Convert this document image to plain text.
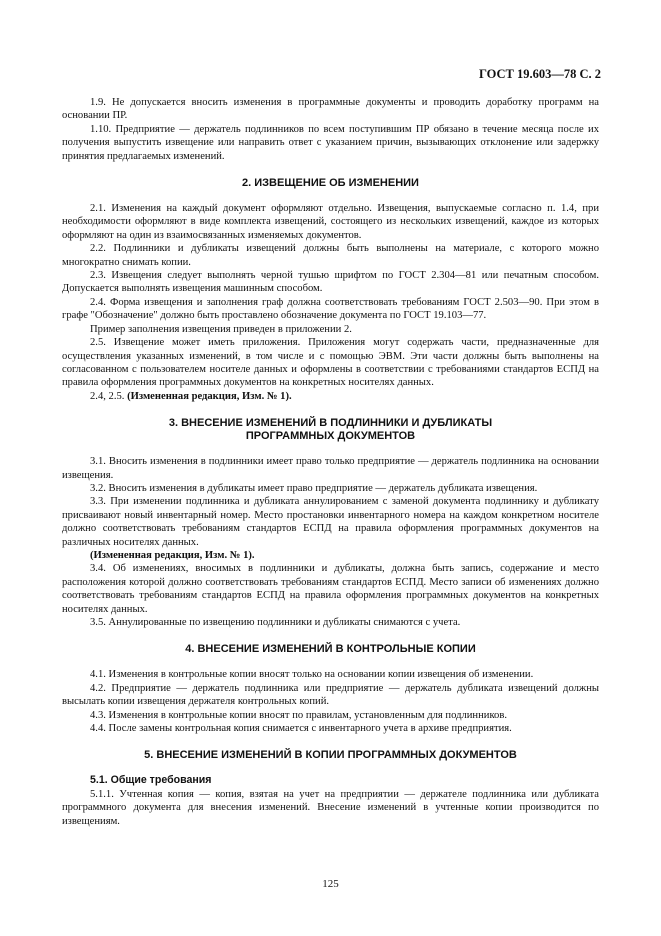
ГОСТ 19.603—78 С. 2

1.9. Не допускается вносить изменения в программные документы и проводить доработку программ на основании ПР.

1.10. Предприятие — держатель подлинников по всем поступившим ПР обязано в течение месяца после их получения выпустить извещение или направить ответ с указанием причин, вызывающих отклонение или задержку принятия предлагаемых изменений.

2. ИЗВЕЩЕНИЕ ОБ ИЗМЕНЕНИИ

2.1. Изменения на каждый документ оформляют отдельно. Извещения, выпускаемые согласно п. 1.4, при необходимости оформляют в виде комплекта извещений, состоящего из нескольких извещений, каждое из которых оформляют на один из взаимосвязанных изменяемых документов.

2.2. Подлинники и дубликаты извещений должны быть выполнены на материале, с которого можно многократно снимать копии.

2.3. Извещения следует выполнять черной тушью шрифтом по ГОСТ 2.304—81 или печатным способом. Допускается выполнять извещения машинным способом.

2.4. Форма извещения и заполнения граф должна соответствовать требованиям ГОСТ 2.503—90. При этом в графе "Обозначение" должно быть проставлено обозначение документа по ГОСТ 19.103—77.

Пример заполнения извещения приведен в приложении 2.

2.5. Извещение может иметь приложения. Приложения могут содержать части, предназначенные для осуществления указанных изменений, в том числе и с помощью ЭВМ. Эти части должны быть выполнены на согласованном с пользователем носителе данных и оформлены в соответствии с требованиями стандартов ЕСПД на правила оформления программных документов на конкретных носителях данных.

2.4, 2.5. (Измененная редакция, Изм. № 1).

3. ВНЕСЕНИЕ ИЗМЕНЕНИЙ В ПОДЛИННИКИ И ДУБЛИКАТЫ
ПРОГРАММНЫХ ДОКУМЕНТОВ

3.1. Вносить изменения в подлинники имеет право только предприятие — держатель подлинника на основании извещения.

3.2. Вносить изменения в дубликаты имеет право предприятие — держатель дубликата извещения.

3.3. При изменении подлинника и дубликата аннулированием с заменой документа подлиннику и дубликату присваивают новый инвентарный номер. Место простановки инвентарного номера на каждом конкретном носителе должно соответствовать требованиям стандартов ЕСПД на правила оформления программных документов на различных носителях данных.

(Измененная редакция, Изм. № 1).

3.4. Об изменениях, вносимых в подлинники и дубликаты, должна быть запись, содержание и место расположения которой должно соответствовать требованиям стандартов ЕСПД. Место записи об изменениях должно соответствовать требованиям стандартов ЕСПД на правила оформления программных документов на конкретных носителях данных.

3.5. Аннулированные по извещению подлинники и дубликаты снимаются с учета.

4. ВНЕСЕНИЕ ИЗМЕНЕНИЙ В КОНТРОЛЬНЫЕ КОПИИ

4.1. Изменения в контрольные копии вносят только на основании копии извещения об изменении.

4.2. Предприятие — держатель подлинника или предприятие — держатель дубликата извещений должны высылать копии извещения держателя контрольных копий.

4.3. Изменения в контрольные копии вносят по правилам, установленным для подлинников.

4.4. После замены контрольная копия снимается с инвентарного учета в архиве предприятия.

5. ВНЕСЕНИЕ ИЗМЕНЕНИЙ В КОПИИ ПРОГРАММНЫХ ДОКУМЕНТОВ
5.1. Общие требования

5.1.1. Учтенная копия — копия, взятая на учет на предприятии — держателе подлинника или дубликата программного документа для внесения изменений. Внесение изменений в учтенные копии производится по извещениям.

125
